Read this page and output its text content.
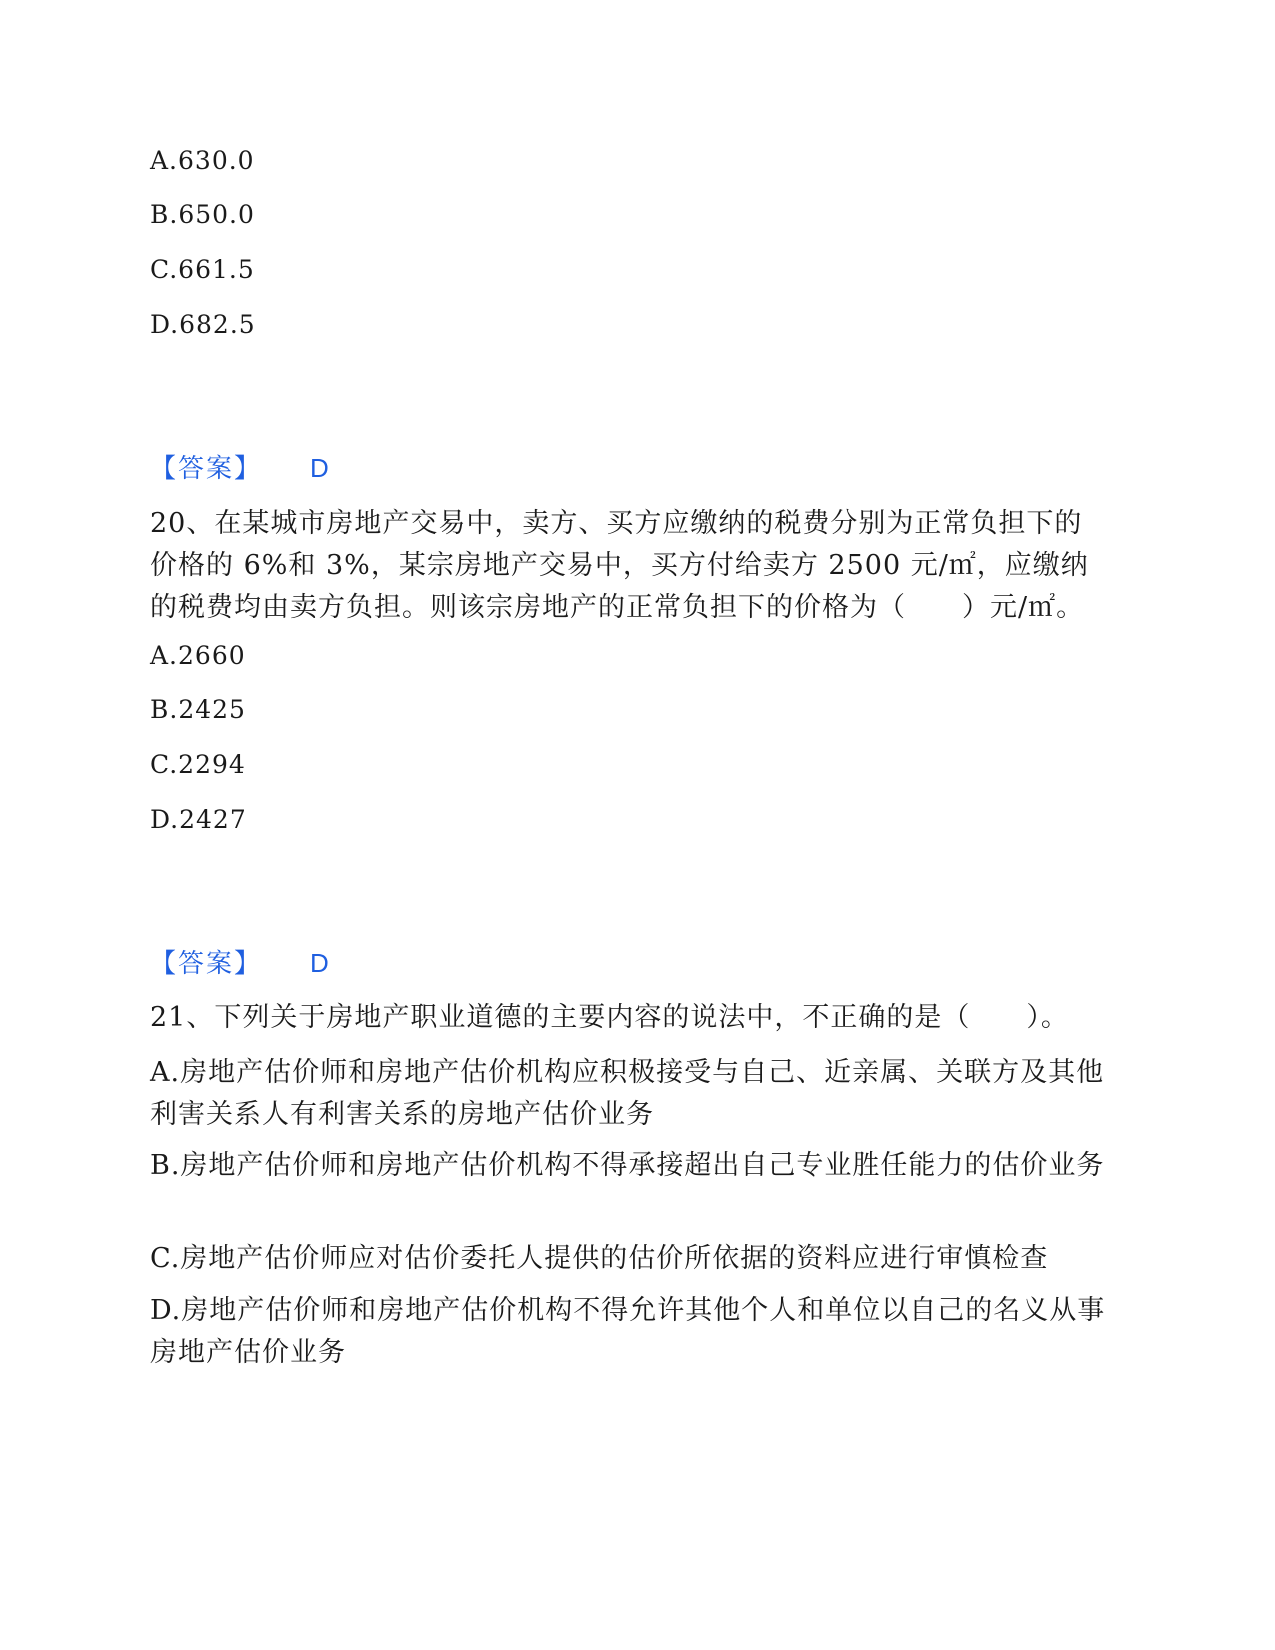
A.630.0
B.650.0
C.661.5
D.682.5
【答案】 D
20、在某城市房地产交易中，卖方、买方应缴纳的税费分别为正常负担下的价格的 6%和 3%，某宗房地产交易中，买方付给卖方 2500 元/㎡，应缴纳的税费均由卖方负担。则该宗房地产的正常负担下的价格为（　　）元/㎡。
A.2660
B.2425
C.2294
D.2427
【答案】 D
21、下列关于房地产职业道德的主要内容的说法中，不正确的是（　　）。
A.房地产估价师和房地产估价机构应积极接受与自己、近亲属、关联方及其他利害关系人有利害关系的房地产估价业务
B.房地产估价师和房地产估价机构不得承接超出自己专业胜任能力的估价业务
C.房地产估价师应对估价委托人提供的估价所依据的资料应进行审慎检查
D.房地产估价师和房地产估价机构不得允许其他个人和单位以自己的名义从事房地产估价业务
